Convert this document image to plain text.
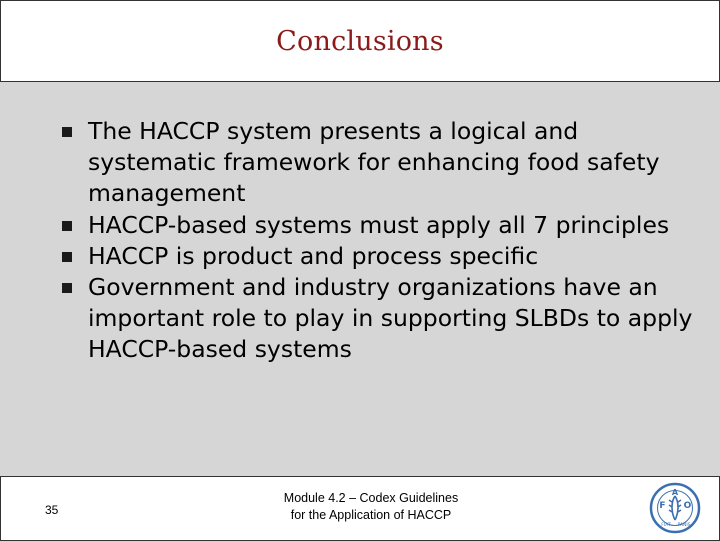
Conclusions
The HACCP system presents a logical and systematic framework for enhancing food safety management
HACCP-based systems must apply all 7 principles
HACCP is product and process specific
Government and industry organizations have an important role to play in supporting SLBDs to apply HACCP-based systems
35
Module 4.2 – Codex Guidelines
for the Application of HACCP
F
A
O
FIAT PANIS
